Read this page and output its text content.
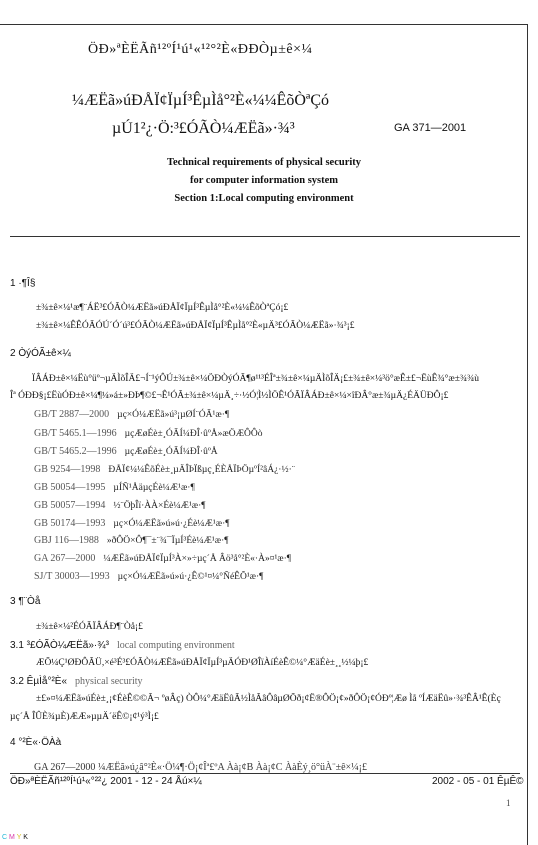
ÖÐ»ªÈËÃñ¹²ºÍ¹ú¹«¹²°²È«ÐÐÒµ±ê×¼
¼ÆËã»úÐÅÏ¢ÏµÍ³ÊµÌå°²È«¼¼ÊõÒªÇó
µÚ1²¿·Ö:³£ÓÃÒ¼ÆËã»·¾³	GA 371—2001
Technical requirements of physical security
for computer information system
Section 1:Local computing environment
1 ·¶Î§
±¾±ê×¼¹æ¶¨ÁË³£ÓÃÒ¼ÆËã»úÐÅÏ¢ÏµÍ³ÊµÌå°²È«¼¼ÊõÒªÇó¡£
±¾±ê×¼ÊÊÓÃÓÚ´Ó´ú³£ÓÃÒ¼ÆËã»úÐÅÏ¢ÏµÍ³ÊµÌå°²È«µÄ³£ÓÃÒ¼ÆËã»·¾³¡£
2 ÒýÓÃ±ê×¼
ÏÂÁÐ±ê×¼Ëù°üº¬µÄÌõÎÄ£¬Í¨¹ýÔÚ±¾±ê×¼ÖÐÒýÓÃ¶ø¹¹³ÉÎª±¾±ê×¼µÄÌõÎÄ¡£±¾±ê×¼³ö°æÊ±£¬ËùÊ¾°æ±¾¾ù
Îª ÓÐÐ§¡£ËùÓÐ±ê×¼¶¼»á±»ÐÞ¶©£¬Ê¹ÓÃ±¾±ê×¼µÄ¸÷·½Ó¦Ì½ÌÖÊ¹ÓÃÏÂÁÐ±ê×¼×îÐÂ°æ±¾µÄ¿ÉÄÜÐÔ¡£
GB/T 2887—2000 µç×Ó¼ÆËã»ú³¡µØÍ¨ÓÃ¹æ·¶
GB/T 5465.1—1996 µçÆøÉè±¸ÓÃÍ¼ÐÎ·ûºÅ»æÖÆÔÔò
GB/T 5465.2—1996 µçÆøÉè±¸ÓÃÍ¼ÐÎ·ûºÅ
GB 9254—1998 ÐÅÏ¢¼¼ÊõÉè±¸µÄÎÞÏßµç¸ÉÈÅÏÞÖµºÍ²âÁ¿·½·¨
GB 50054—1995 µÍÑ¹ÅäµçÉè¼Æ¹æ·¶
GB 50057—1994 ½¨ÖþÎï·ÀÀ×Éè¼Æ¹æ·¶
GB 50174—1993 µç×Ó¼ÆËã»ú»ú·¿Éè¼Æ¹æ·¶
GBJ 116—1988 »ðÔÖ×Ô¶¯±¨¾¯ÏµÍ³Éè¼Æ¹æ·¶
GA 267—2000 ¼ÆËã»úÐÅÏ¢ÏµÍ³À×»÷µç´Å Âö³å°²È«·À»¤¹æ·¶
SJ/T 30003—1993 µç×Ó¼ÆËã»ú»ú·¿Ê©¹¤¼°ÑéÊÕ¹æ·¶
3 ¶¨Òå
±¾±ê×¼²ÉÓÃÏÂÁÐ¶¨Òå¡£
3.1 ³£ÓÃÒ¼ÆËã»·¾³ local computing environment
ÆÕ¼Ç¹ØÐÔÃÜ,×é³É³£ÓÃÒ¼ÆËã»úÐÅÏ¢ÏµÍ³µÄÓÐ¹ØÎïÀíÉèÊ©¼°ÆäÉè±¸¸½¼þ¡£
3.2 ÊµÌå°²È« physical security
±£»¤¼ÆËã»úÉè±¸¡¢ÉèÊ©©Ã¬ ºøÂç) ÒÔ¼°ÆäËûÃ½ÌåÃâÔâµØÕð¡¢Ë®ÔÖ¡¢»ðÔÖ¡¢ÓÐº¦Æø Ìå ºÍÆäËû»·¾³ÊÂ¹Ê(Èç
µç´Å ÎÛÈ¾µÈ)ÆÆ»µµÄ´ëÊ©¡¢¹ý³Ì¡£
4 °²È«·ÖÀà
GA 267—2000 ¼ÆËã»ú¿â°²È«·Ö¼¶·Ö¡¢Îª£ºA Àà¡¢B Àà¡¢C ÀàÈý¸ö°üÀ¨±ê×¼¡£
ÖÐ»ªÈËÃñ¹²ºÍ¹ú¹«°²²¿ 2001 - 12 - 24 Åú×¼	2002 - 05 - 01 ÊµÊ©
1
C M Y K
